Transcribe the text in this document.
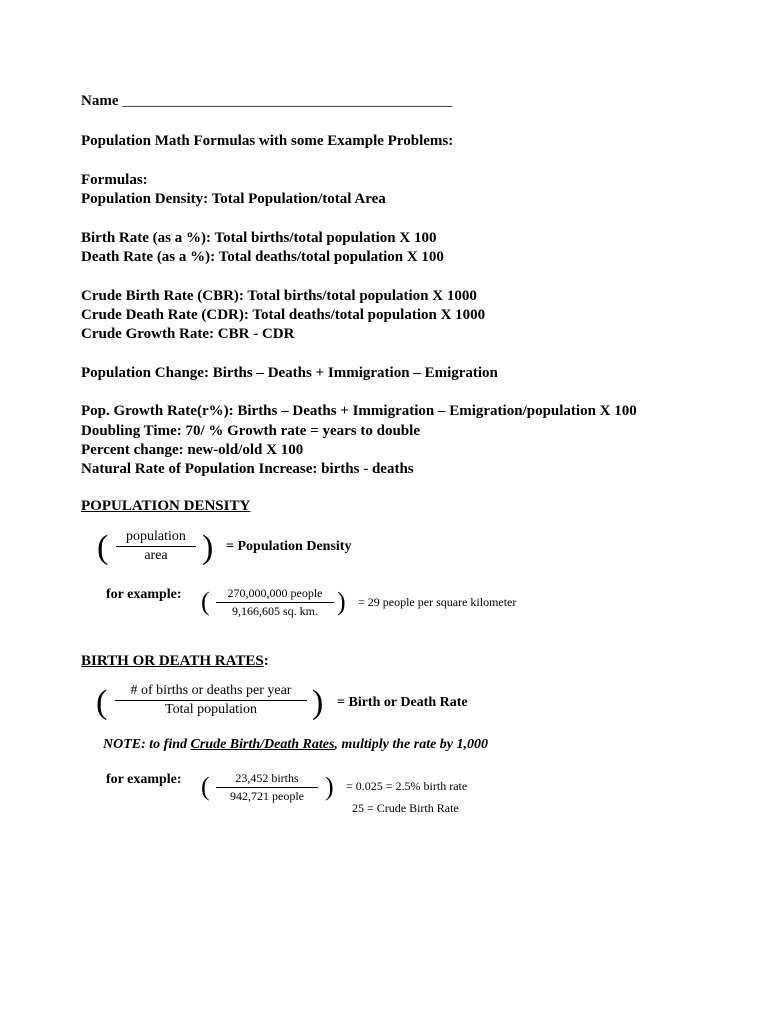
Name ____________________________________________
Population Math Formulas with some Example Problems:
Formulas:
Population Density: Total Population/total Area
Birth Rate (as a %): Total births/total population X 100
Death Rate (as a %): Total deaths/total population X 100
Crude Birth Rate (CBR): Total births/total population X 1000
Crude Death Rate (CDR): Total deaths/total population X 1000
Crude Growth Rate: CBR - CDR
Population Change: Births – Deaths + Immigration – Emigration
Pop. Growth Rate(r%): Births – Deaths + Immigration – Emigration/population X 100
Doubling Time: 70/ % Growth rate = years to double
Percent change: new-old/old X 100
Natural Rate of Population Increase: births - deaths
POPULATION DENSITY
(	population
area	) = Population Density
for example: (	270,000,000 people
9,166,605 sq. km. ) = 29 people per square kilometer
BIRTH OR DEATH RATES:
(	# of births or deaths per year
Total population	) = Birth or Death Rate
NOTE: to find Crude Birth/Death Rates, multiply the rate by 1,000
for example: (	23,452 births
942,721 people ) = 0.025 = 2.5% birth rate
25 = Crude Birth Rate
